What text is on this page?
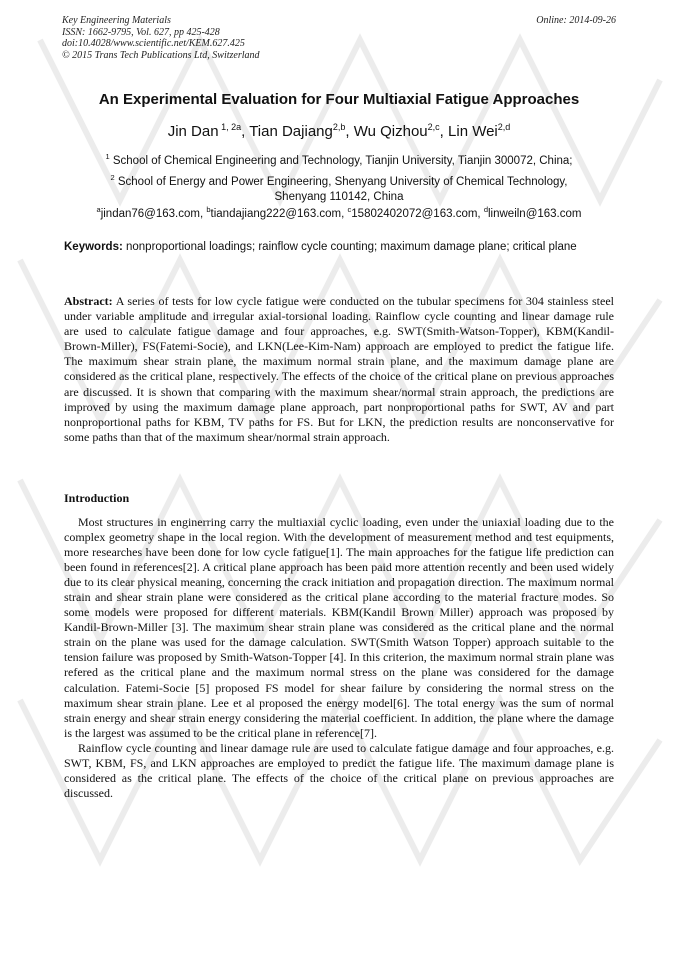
Key Engineering Materials
ISSN: 1662-9795, Vol. 627, pp 425-428
doi:10.4028/www.scientific.net/KEM.627.425
© 2015 Trans Tech Publications Ltd, Switzerland
Online: 2014-09-26
An Experimental Evaluation for Four Multiaxial Fatigue Approaches
Jin Dan $^{1, 2a}$, Tian Dajiang$^{2,b}$, Wu Qizhou$^{2,c}$, Lin Wei$^{2,d}$
$^1$ School of Chemical Engineering and Technology, Tianjin University, Tianjin 300072, China;
$^2$ School of Energy and Power Engineering, Shenyang University of Chemical Technology,
Shenyang 110142, China
$^a$jindan76@163.com, $^b$tiandajiang222@163.com, $^c$15802402072@163.com, $^d$linweiln@163.com
Keywords: nonproportional loadings; rainflow cycle counting; maximum damage plane; critical plane
Abstract: A series of tests for low cycle fatigue were conducted on the tubular specimens for 304 stainless steel under variable amplitude and irregular axial-torsional loading. Rainflow cycle counting and linear damage rule are used to calculate fatigue damage and four approaches, e.g. SWT(Smith-Watson-Topper), KBM(Kandil-Brown-Miller), FS(Fatemi-Socie), and LKN(Lee-Kim-Nam) approach are employed to predict the fatigue life. The maximum shear strain plane, the maximum normal strain plane, and the maximum damage plane are considered as the critical plane, respectively. The effects of the choice of the critical plane on previous approaches are discussed. It is shown that comparing with the maximum shear/normal strain approach, the predictions are improved by using the maximum damage plane approach, part nonproportional paths for SWT, AV and part nonproportional paths for KBM, TV paths for FS. But for LKN, the prediction results are nonconservative for some paths than that of the maximum shear/normal strain approach.
Introduction

Most structures in enginerring carry the multiaxial cyclic loading, even under the uniaxial loading due to the complex geometry shape in the local region. With the development of measurement method and test equipments, more researches have been done for low cycle fatigue[1]. The main approaches for the fatigue life prediction can been found in references[2]. A critical plane approach has been paid more attention recently and been used widely due to its clear physical meaning, concerning the crack initiation and propagation direction. The maximum normal strain and shear strain plane were considered as the critical plane according to the material fracture modes. So some models were proposed for different materials. KBM(Kandil Brown Miller) approach was proposed by Kandil-Brown-Miller [3]. The maximum shear strain plane was considered as the critical plane and the normal strain on the plane was used for the damage calculation. SWT(Smith Watson Topper) approach suitable to the tension failure was proposed by Smith-Watson-Topper [4]. In this criterion, the maximum normal strain plane was refered as the critical plane and the maximum normal stress on the plane was considered for the damage calculation. Fatemi-Socie [5] proposed FS model for shear failure by considering the normal stress on the maximum shear strain plane. Lee et al proposed the energy model[6]. The total energy was the sum of normal strain energy and shear strain energy considering the material coefficient. In addition, the plane where the damage is the largest was assumed to be the critical plane in reference[7].

Rainflow cycle counting and linear damage rule are used to calculate fatigue damage and four approaches, e.g. SWT, KBM, FS, and LKN approaches are employed to predict the fatigue life. The maximum damage plane is considered as the critical plane. The effects of the choice of the critical plane on previous approaches are discussed.
